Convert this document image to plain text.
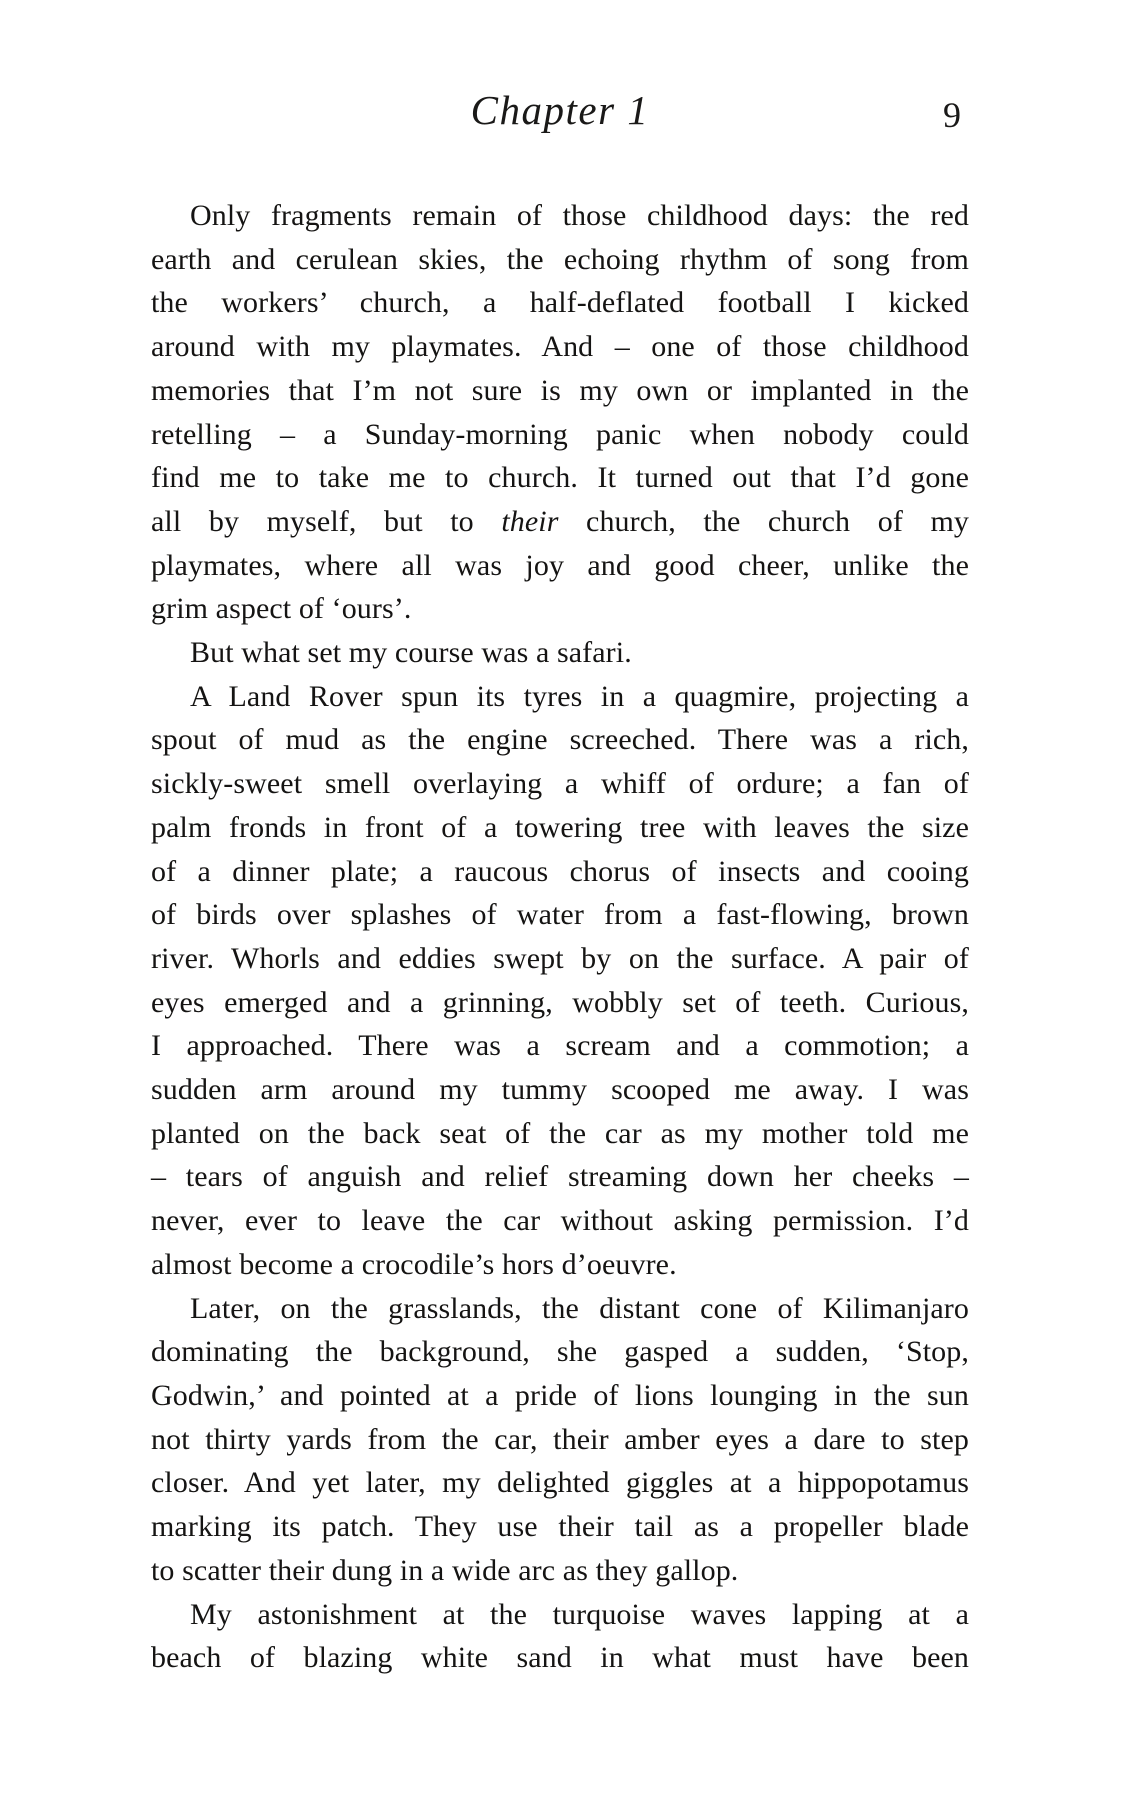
Chapter 1	9
Only fragments remain of those childhood days: the red
earth and cerulean skies, the echoing rhythm of song from
the workers’ church, a half-deflated football I kicked
around with my playmates. And – one of those childhood
memories that I’m not sure is my own or implanted in the
retelling – a Sunday-morning panic when nobody could
find me to take me to church. It turned out that I’d gone
all by myself, but to their church, the church of my
playmates, where all was joy and good cheer, unlike the
grim aspect of ‘ours’.
But what set my course was a safari.
A Land Rover spun its tyres in a quagmire, projecting a
spout of mud as the engine screeched. There was a rich,
sickly-sweet smell overlaying a whiff of ordure; a fan of
palm fronds in front of a towering tree with leaves the size
of a dinner plate; a raucous chorus of insects and cooing
of birds over splashes of water from a fast-flowing, brown
river. Whorls and eddies swept by on the surface. A pair of
eyes emerged and a grinning, wobbly set of teeth. Curious,
I approached. There was a scream and a commotion; a
sudden arm around my tummy scooped me away. I was
planted on the back seat of the car as my mother told me
– tears of anguish and relief streaming down her cheeks –
never, ever to leave the car without asking permission. I’d
almost become a crocodile’s hors d’oeuvre.
Later, on the grasslands, the distant cone of Kilimanjaro
dominating the background, she gasped a sudden, ‘Stop,
Godwin,’ and pointed at a pride of lions lounging in the sun
not thirty yards from the car, their amber eyes a dare to step
closer. And yet later, my delighted giggles at a hippopotamus
marking its patch. They use their tail as a propeller blade
to scatter their dung in a wide arc as they gallop.
My astonishment at the turquoise waves lapping at a
beach of blazing white sand in what must have been
